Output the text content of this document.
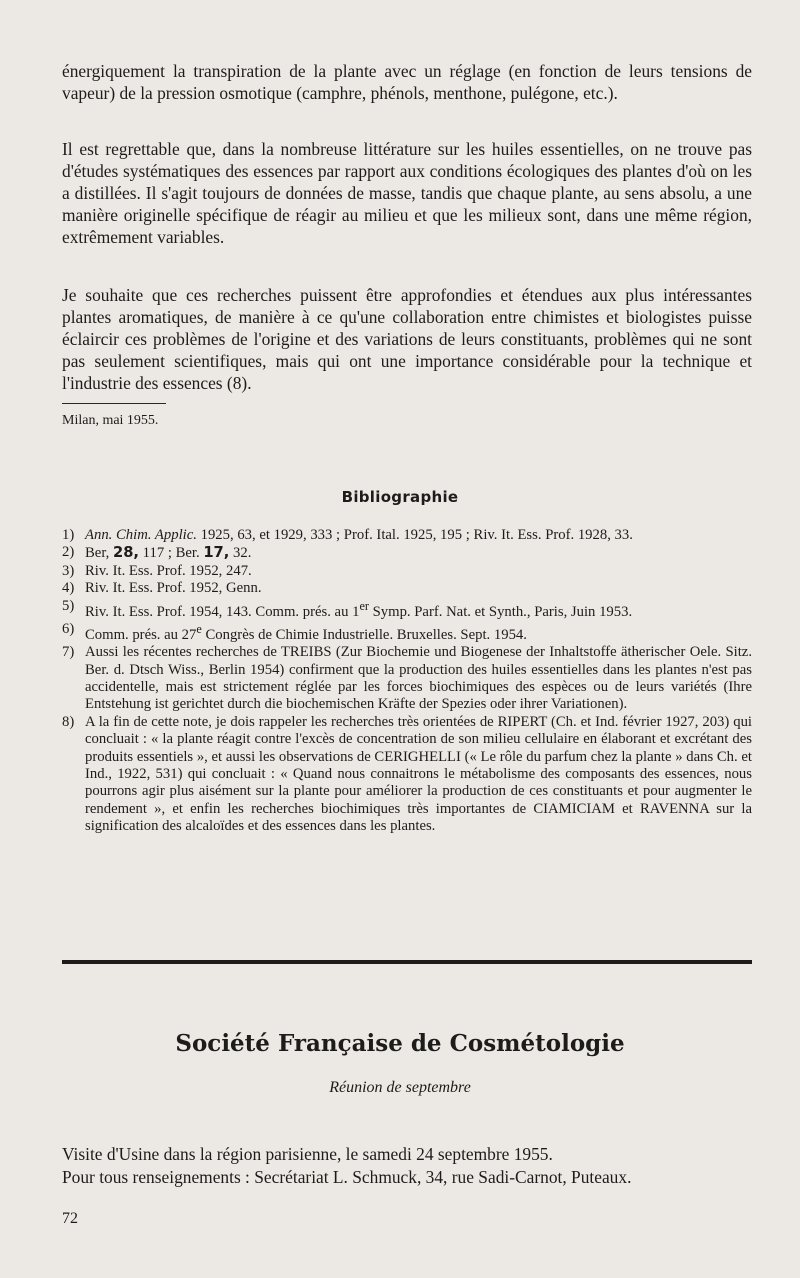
énergiquement la transpiration de la plante avec un réglage (en fonction de leurs tensions de vapeur) de la pression osmotique (camphre, phénols, menthone, pulégone, etc.).

Il est regrettable que, dans la nombreuse littérature sur les huiles essentielles, on ne trouve pas d'études systématiques des essences par rapport aux conditions écologiques des plantes d'où on les a distillées. Il s'agit toujours de données de masse, tandis que chaque plante, au sens absolu, a une manière originelle spécifique de réagir au milieu et que les milieux sont, dans une même région, extrêmement variables.

Je souhaite que ces recherches puissent être approfondies et étendues aux plus intéressantes plantes aromatiques, de manière à ce qu'une collaboration entre chimistes et biologistes puisse éclaircir ces problèmes de l'origine et des variations de leurs constituants, problèmes qui ne sont pas seulement scientifiques, mais qui ont une importance considérable pour la technique et l'industrie des essences (8).

Milan, mai 1955.
Bibliographie
1) Ann. Chim. Applic. 1925, 63, et 1929, 333 ; Prof. Ital. 1925, 195 ; Riv. It. Ess. Prof. 1928, 33.
2) Ber, 28, 117 ; Ber. 17, 32.
3) Riv. It. Ess. Prof. 1952, 247.
4) Riv. It. Ess. Prof. 1952, Genn.
5) Riv. It. Ess. Prof. 1954, 143. Comm. prés. au 1er Symp. Parf. Nat. et Synth., Paris, Juin 1953.
6) Comm. prés. au 27e Congrès de Chimie Industrielle. Bruxelles. Sept. 1954.
7) Aussi les récentes recherches de TREIBS (Zur Biochemie und Biogenese der Inhaltstoffe ätherischer Oele. Sitz. Ber. d. Dtsch Wiss., Berlin 1954) confirment que la production des huiles essentielles dans les plantes n'est pas accidentelle, mais est strictement réglée par les forces biochimiques des espèces ou de leurs variétés (Ihre Entstehung ist gerichtet durch die biochemischen Kräfte der Spezies oder ihrer Variationen).
8) A la fin de cette note, je dois rappeler les recherches très orientées de RIPERT (Ch. et Ind. février 1927, 203) qui concluait : « la plante réagit contre l'excès de concentration de son milieu cellulaire en élaborant et excrétant des produits essentiels », et aussi les observations de CERIGHELLI (« Le rôle du parfum chez la plante » dans Ch. et Ind., 1922, 531) qui concluait : « Quand nous connaitrons le métabolisme des composants des essences, nous pourrons agir plus aisément sur la plante pour améliorer la production de ces constituants et pour augmenter le rendement », et enfin les recherches biochimiques très importantes de CIAMICIAM et RAVENNA sur la signification des alcaloïdes et des essences dans les plantes.
Société Française de Cosmétologie
Réunion de septembre
Visite d'Usine dans la région parisienne, le samedi 24 septembre 1955.
Pour tous renseignements : Secrétariat L. Schmuck, 34, rue Sadi-Carnot, Puteaux.
72
